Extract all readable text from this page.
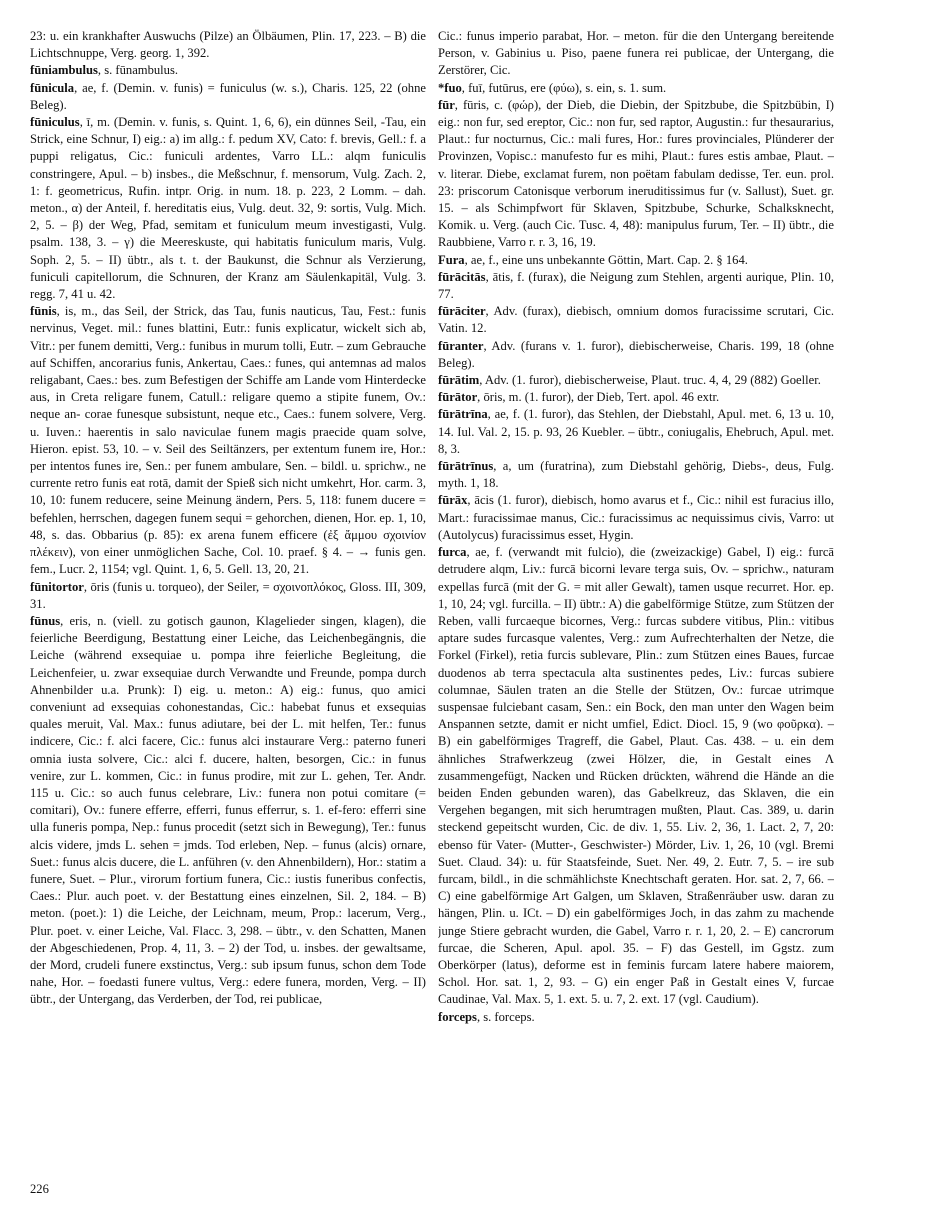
23: u. ein krankhafter Auswuchs (Pilze) an Ölbäumen, Plin. 17, 223. – B) die Lichtschnuppe, Verg. georg. 1, 392.

fūniambulus, s. fūnambulus.

fūnicula, ae, f. (Demin. v. funis) = funiculus (w. s.), Charis. 125, 22 (ohne Beleg).

fūniculus, ī, m. (Demin. v. funis, s. Quint. 1, 6, 6), ein dünnes Seil, -Tau, ein Strick, eine Schnur, I) eig.: a) im allg.: f. pedum XV, Cato: f. brevis, Gell.: f. a puppi religatus, Cic.: funiculi ardentes, Varro LL.: alqm funiculis constringere, Apul. – b) insbes., die Meßschnur, f. mensorum, Vulg. Zach. 2, 1: f. geometricus, Rufin. intpr. Orig. in num. 18. p. 223, 2 Lomm. – dah. meton., α) der Anteil, f. hereditatis eius, Vulg. deut. 32, 9: sortis, Vulg. Mich. 2, 5. – β) der Weg, Pfad, semitam et funiculum meum investigasti, Vulg. psalm. 138, 3. – γ) die Meereskuste, qui habitatis funiculum maris, Vulg. Soph. 2, 5. – II) übtr., als t. t. der Baukunst, die Schnur als Verzierung, funiculi capitellorum, die Schnuren, der Kranz am Säulenkapitäl, Vulg. 3. regg. 7, 41 u. 42.

fūnis, is, m., das Seil, der Strick, das Tau, funis nauticus, Tau, Fest.: funis nervinus, Veget. mil.: funes blattini, Eutr.: funis explicatur, wickelt sich ab, Vitr.: per funem demitti, Verg.: funibus in murum tolli, Eutr. – zum Gebrauche auf Schiffen, ancorarius funis, Ankertau, Caes.: funes, qui antemnas ad malos religabant, Caes.: bes. zum Befestigen der Schiffe am Lande vom Hinterdecke aus, in Creta religare funem, Catull.: religare quemo a stipite funem, Ov.: neque an- corae funesque subsistunt, neque etc., Caes.: funem solvere, Verg. u. Iuven.: haerentis in salo naviculae funem magis praecide quam solve, Hieron. epist. 53, 10. – v. Seil des Seiltänzers, per extentum funem ire, Hor.: per intentos funes ire, Sen.: per funem ambulare, Sen. – bildl. u. sprichw., ne currente retro funis eat rotā, damit der Spieß sich nicht umkehrt, Hor. carm. 3, 10, 10: funem reducere, seine Meinung ändern, Pers. 5, 118: funem ducere = befehlen, herrschen, dagegen funem sequi = gehorchen, dienen, Hor. ep. 1, 10, 48, s. das. Obbarius (p. 85): ex arena funem efficere (ἐξ ἄμμου σχοινίον πλέκειν), von einer unmöglichen Sache, Col. 10. praef. § 4. – → funis gen. fem., Lucr. 2, 1154; vgl. Quint. 1, 6, 5. Gell. 13, 20, 21.

fūnitortor, ōris (funis u. torqueo), der Seiler, = σχοινοπλόκος, Gloss. III, 309, 31.

fūnus, eris, n. (viell. zu gotisch gaunon, Klagelieder singen, klagen), die feierliche Beerdigung, Bestattung einer Leiche, das Leichenbegängnis, die Leiche (während exsequiae u. pompa ihre feierliche Begleitung, die Leichenfeier, u. zwar exsequiae durch Verwandte und Freunde, pompa durch Ahnenbilder u.a. Prunk): I) eig. u. meton.: A) eig.: funus, quo amici conveniunt ad exsequias cohonestandas, Cic.: habebat funus et exsequias quales meruit, Val. Max.: funus adiutare, bei der L. mit helfen, Ter.: funus indicere, Cic.: f. alci facere, Cic.: funus alci instaurare Verg.: paterno funeri omnia iusta solvere, Cic.: alci f. ducere, halten, besorgen, Cic.: in funus venire, zur L. kommen, Cic.: in funus prodire, mit zur L. gehen, Ter. Andr. 115 u. Cic.: so auch funus celebrare, Liv.: funera non potui comitare (= comitari), Ov.: funere efferre, efferri, funus efferrur, s. 1. ef-fero: efferri sine ulla funeris pompa, Nep.: funus procedit (setzt sich in Bewegung), Ter.: funus alcis videre, jmds L. sehen = jmds. Tod erleben, Nep. – funus (alcis) ornare, Suet.: funus alcis ducere, die L. anführen (v. den Ahnenbildern), Hor.: statim a funere, Suet. – Plur., virorum fortium funera, Cic.: iustis funeribus confectis, Caes.: Plur. auch poet. v. der Bestattung eines einzelnen, Sil. 2, 184. – B) meton. (poet.): 1) die Leiche, der Leichnam, meum, Prop.: lacerum, Verg., Plur. poet. v. einer Leiche, Val. Flacc. 3, 298. – übtr., v. den Schatten, Manen der Abgeschiedenen, Prop. 4, 11, 3. – 2) der Tod, u. insbes. der gewaltsame, der Mord, crudeli funere exstinctus, Verg.: sub ipsum funus, schon dem Tode nahe, Hor. – foedasti funere vultus, Verg.: edere funera, morden, Verg. – II) übtr., der Untergang, das Verderben, der Tod, rei publicae,

Cic.: funus imperio parabat, Hor. – meton. für die den Untergang bereitende Person, v. Gabinius u. Piso, paene funera rei publicae, der Untergang, die Zerstörer, Cic.

*fuo, fuī, futūrus, ere (φύω), s. ein, s. 1. sum.

fūr, fūris, c. (φώρ), der Dieb, die Diebin, der Spitzbube, die Spitzbübin, I) eig.: non fur, sed ereptor, Cic.: non fur, sed raptor, Augustin.: fur thesaurarius, Plaut.: fur nocturnus, Cic.: mali fures, Hor.: fures provinciales, Plünderer der Provinzen, Vopisc.: manufesto fur es mihi, Plaut.: fures estis ambae, Plaut. – v. literar. Diebe, exclamat furem, non poëtam fabulam dedisse, Ter. eun. prol. 23: priscorum Catonisque verborum ineruditissimus fur (v. Sallust), Suet. gr. 15. – als Schimpfwort für Sklaven, Spitzbube, Schurke, Schalksknecht, Komik. u. Verg. (auch Cic. Tusc. 4, 48): manipulus furum, Ter. – II) übtr., die Raubbiene, Varro r. r. 3, 16, 19.

Fura, ae, f., eine uns unbekannte Göttin, Mart. Cap. 2. § 164.

fūrācitās, ātis, f. (furax), die Neigung zum Stehlen, argenti aurique, Plin. 10, 77.

fūrāciter, Adv. (furax), diebisch, omnium domos furacissime scrutari, Cic. Vatin. 12.

fūranter, Adv. (furans v. 1. furor), diebischerweise, Charis. 199, 18 (ohne Beleg).

fūrātim, Adv. (1. furor), diebischerweise, Plaut. truc. 4, 4, 29 (882) Goeller.

fūrātor, ōris, m. (1. furor), der Dieb, Tert. apol. 46 extr.

fūrātrīna, ae, f. (1. furor), das Stehlen, der Diebstahl, Apul. met. 6, 13 u. 10, 14. Iul. Val. 2, 15. p. 93, 26 Kuebler. – übtr., coniugalis, Ehebruch, Apul. met. 8, 3.

fūrātrīnus, a, um (furatrina), zum Diebstahl gehörig, Diebs-, deus, Fulg. myth. 1, 18.

fūrāx, ācis (1. furor), diebisch, homo avarus et f., Cic.: nihil est furacius illo, Mart.: furacissimae manus, Cic.: furacissimus ac nequissimus civis, Varro: ut (Autolycus) furacissimus esset, Hygin.

furca, ae, f. (verwandt mit fulcio), die (zweizackige) Gabel, I) eig.: furcā detrudere alqm, Liv.: furcā bicorni levare terga suis, Ov. – sprichw., naturam expellas furcā (mit der G. = mit aller Gewalt), tamen usque recurret. Hor. ep. 1, 10, 24; vgl. furcilla. – II) übtr.: A) die gabelförmige Stütze, zum Stützen der Reben, valli furcaeque bicornes, Verg.: furcas subdere vitibus, Plin.: vitibus aptare sudes furcasque valentes, Verg.: zum Aufrechterhalten der Netze, die Forkel (Firkel), retia furcis sublevare, Plin.: zum Stützen eines Baues, furcae duodenos ab terra spectacula alta sustinentes pedes, Liv.: furcas subiere columnae, Säulen traten an die Stelle der Stützen, Ov.: furcae utrimque suspensae fulciebant casam, Sen.: ein Bock, den man unter den Wagen beim Anspannen setzte, damit er nicht umfiel, Edict. Diocl. 15, 9 (wo φοῦρκα). – B) ein gabelförmiges Tragreff, die Gabel, Plaut. Cas. 438. – u. ein dem ähnliches Strafwerkzeug (zwei Hölzer, die, in Gestalt eines Λ zusammengefügt, Nacken und Rücken drückten, während die Hände an die beiden Enden gebunden waren), das Gabelkreuz, das Sklaven, die ein Vergehen begangen, mit sich herumtragen mußten, Plaut. Cas. 389, u. darin steckend gepeitscht wurden, Cic. de div. 1, 55. Liv. 2, 36, 1. Lact. 2, 7, 20: ebenso für Vater- (Mutter-, Geschwister-) Mörder, Liv. 1, 26, 10 (vgl. Bremi Suet. Claud. 34): u. für Staatsfeinde, Suet. Ner. 49, 2. Eutr. 7, 5. – ire sub furcam, bildl., in die schmählichste Knechtschaft geraten. Hor. sat. 2, 7, 66. – C) eine gabelförmige Art Galgen, um Sklaven, Straßenräuber usw. daran zu hängen, Plin. u. ICt. – D) ein gabelförmiges Joch, in das zahm zu machende junge Stiere gebracht wurden, die Gabel, Varro r. r. 1, 20, 2. – E) cancrorum furcae, die Scheren, Apul. apol. 35. – F) das Gestell, im Ggstz. zum Oberkörper (latus), deforme est in feminis furcam latere habere maiorem, Schol. Hor. sat. 1, 2, 93. – G) ein enger Paß in Gestalt eines V, furcae Caudinae, Val. Max. 5, 1. ext. 5. u. 7, 2. ext. 17 (vgl. Caudium).

forceps, s. forceps.

226
